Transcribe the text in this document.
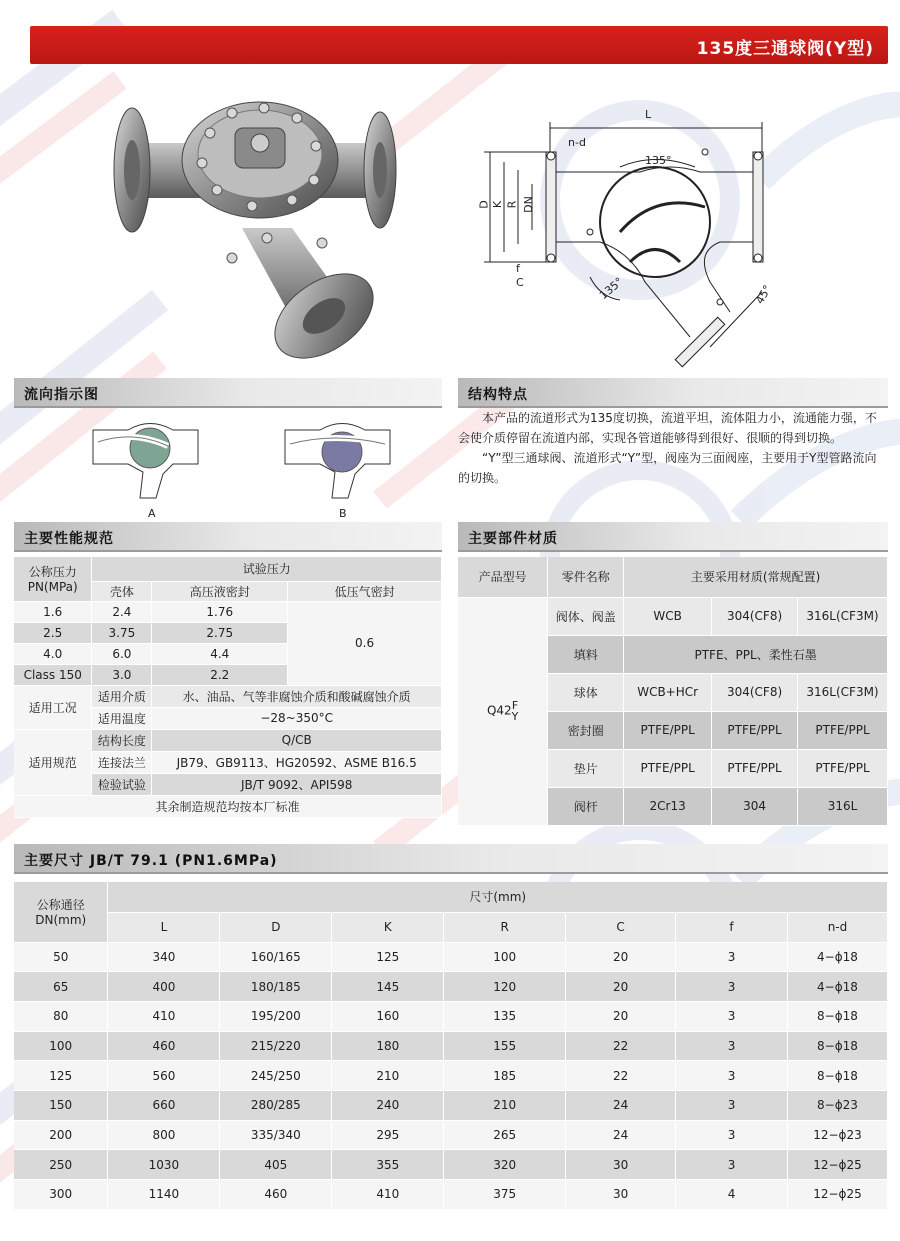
135度三通球阀(Y型)
L
n-d
D K R DN
f
C
135°
135°	45°
流向指示图
A	B
结构特点

本产品的流道形式为135度切换，流道平坦，流体阻力小，流通能力强，不会使介质停留在流道内部，实现各管道能够得到很好、很顺的得到切换。

“Y”型三通球阀、流道形式“Y”型，阀座为三面阀座，主要用于Y型管路流向的切换。

主要性能规范
公称压力
PN(MPa)	试验压力		
	壳体	高压液密封	低压气密封
1.6	2.4	1.76	0.6
2.5	3.75	2.75	
4.0	6.0	4.4	
Class 150	3.0	2.2	
适用工况	适用介质	水、油品、气等非腐蚀介质和酸碱腐蚀介质	
	适用温度	−28~350°C	
适用规范	结构长度	Q/CB	
	连接法兰	JB79、GB9113、HG20592、ASME B16.5	
	检验试验	JB/T 9092、API598	
其余制造规范均按本厂标准			
主要部件材质
产品型号	零件名称	主要采用材质(常规配置)		
Q42 F
Y	阀体、阀盖	WCB	304(CF8)	316L(CF3M)
	填料	PTFE、PPL、柔性石墨		
	球体	WCB+HCr	304(CF8)	316L(CF3M)
	密封圈	PTFE/PPL	PTFE/PPL	PTFE/PPL
	垫片	PTFE/PPL	PTFE/PPL	PTFE/PPL
	阀杆	2Cr13	304	316L
主要尺寸 JB/T 79.1 (PN1.6MPa)
公称通径
DN(mm)	尺寸(mm)						
	L	D	K	R	C	f	n-d
50	340	160/165	125	100	20	3	4−ϕ18
65	400	180/185	145	120	20	3	4−ϕ18
80	410	195/200	160	135	20	3	8−ϕ18
100	460	215/220	180	155	22	3	8−ϕ18
125	560	245/250	210	185	22	3	8−ϕ18
150	660	280/285	240	210	24	3	8−ϕ23
200	800	335/340	295	265	24	3	12−ϕ23
250	1030	405	355	320	30	3	12−ϕ25
300	1140	460	410	375	30	4	12−ϕ25
